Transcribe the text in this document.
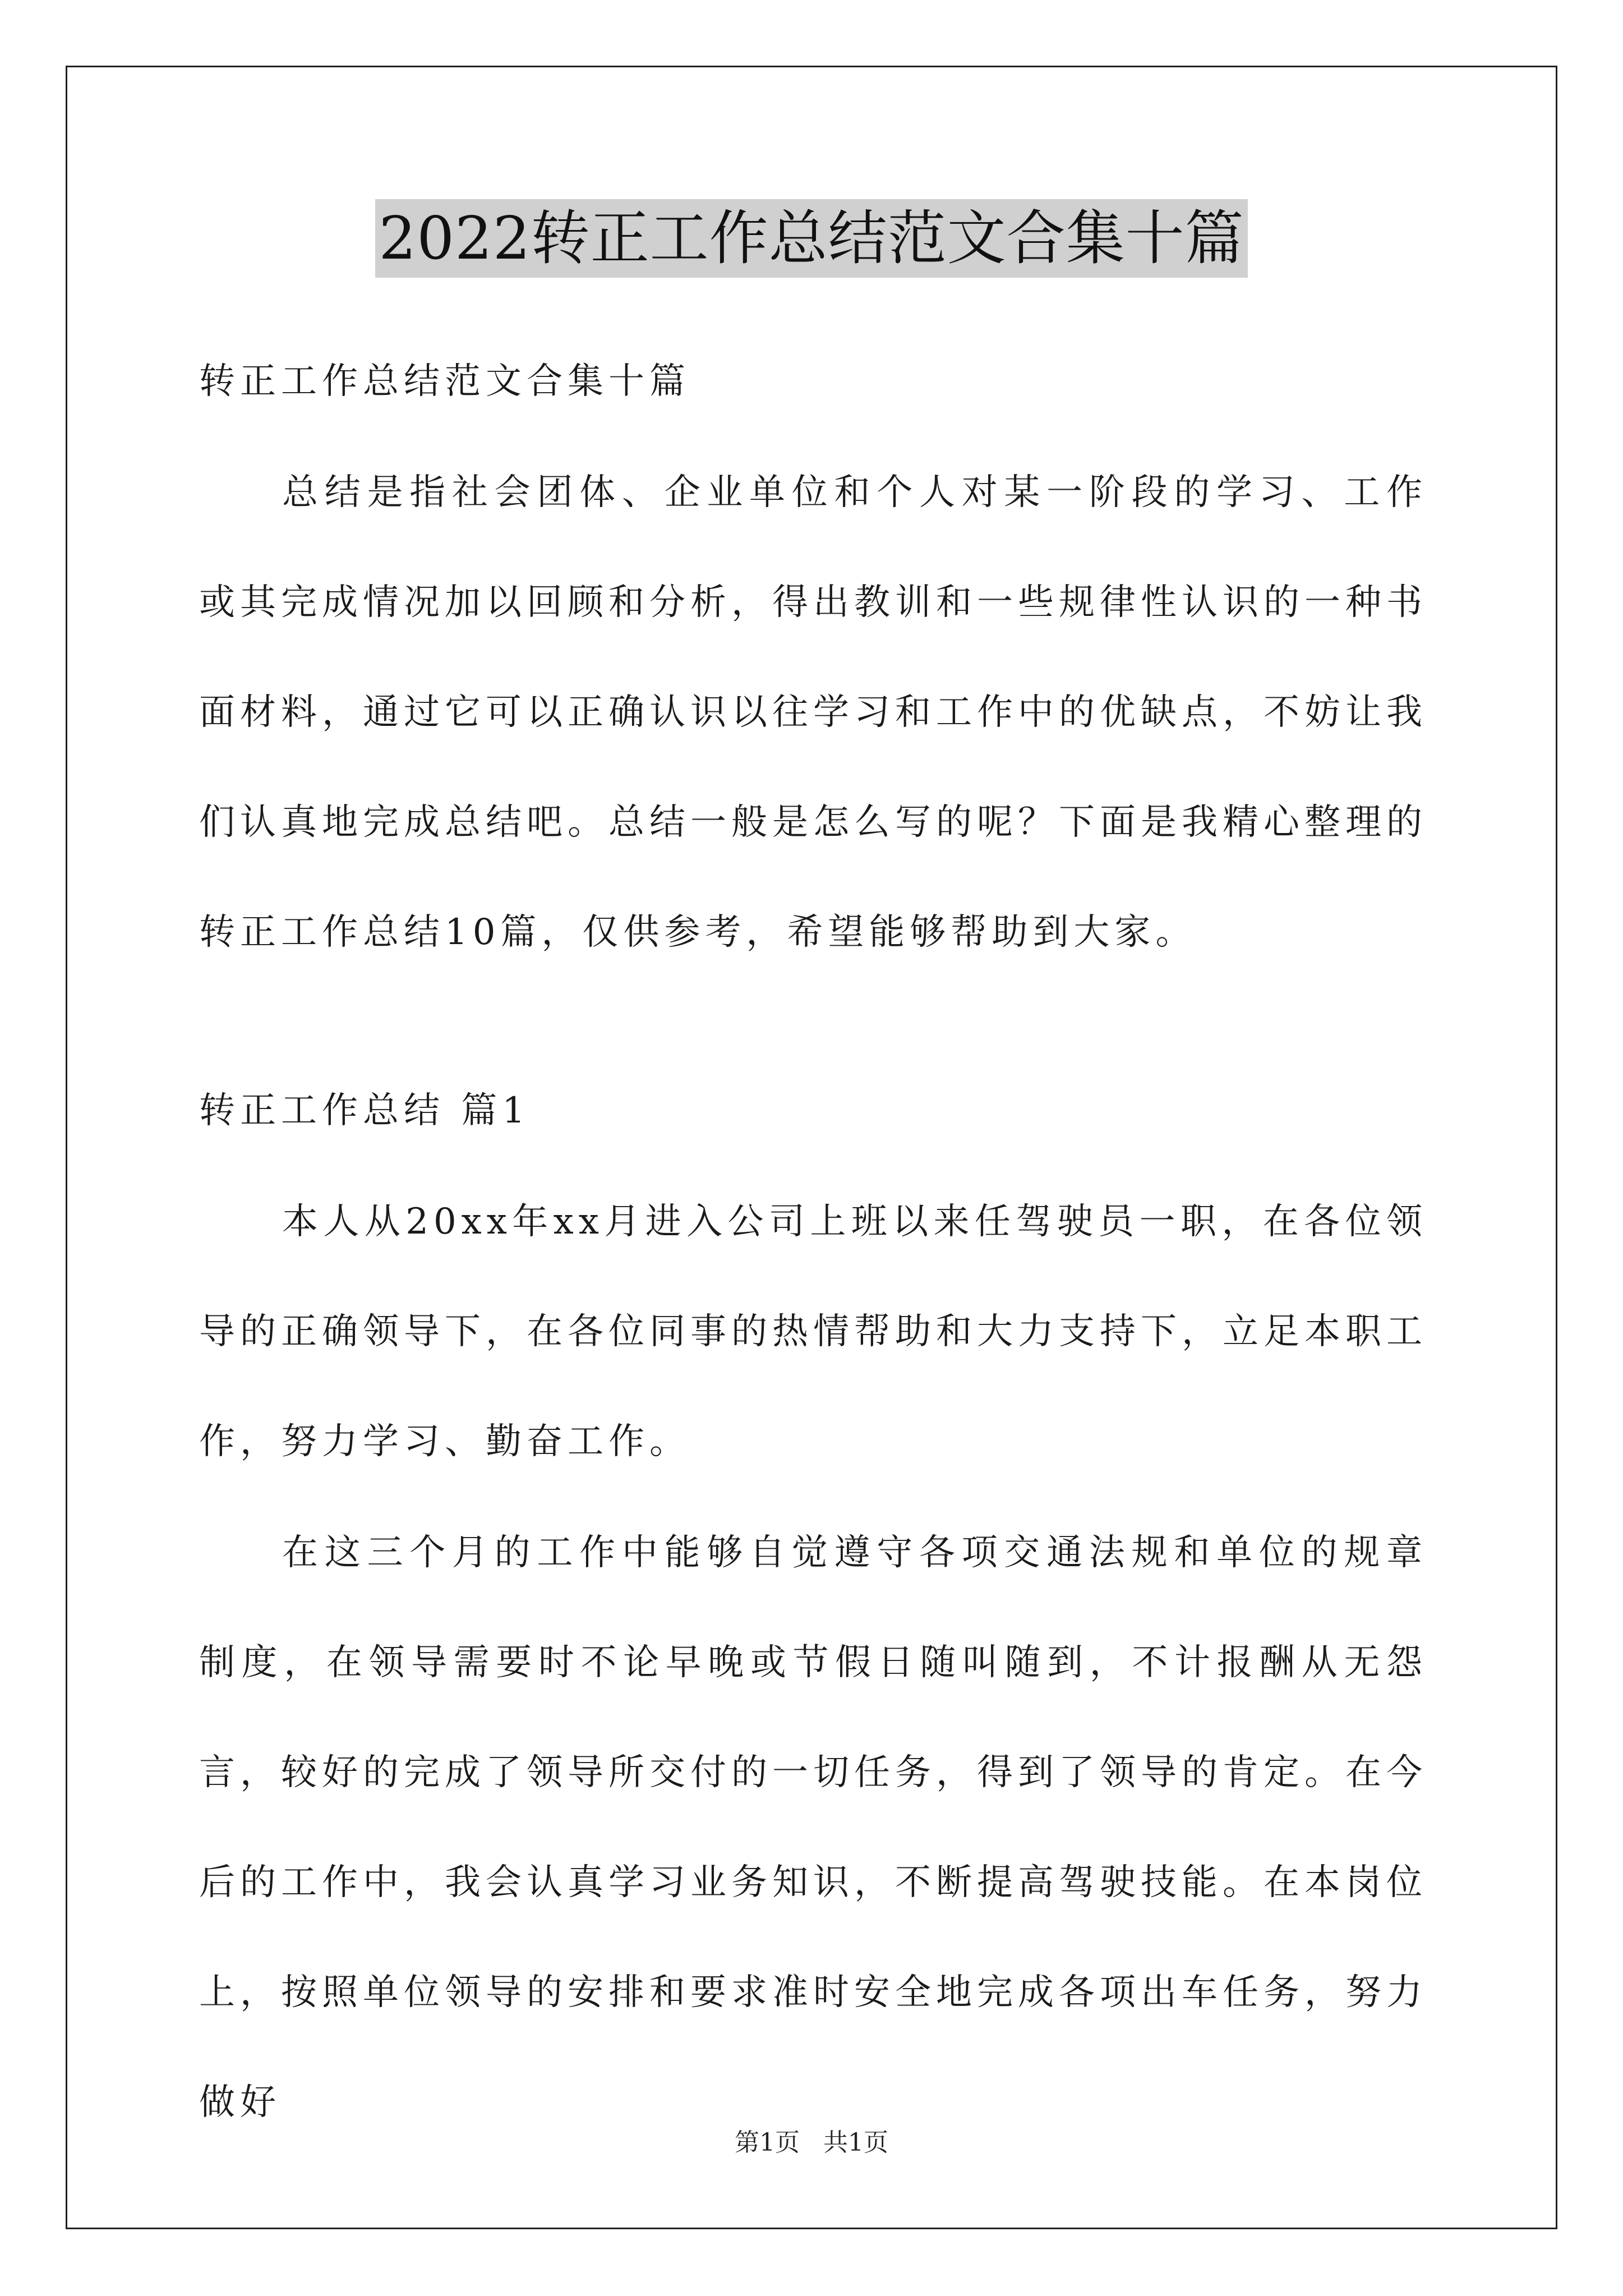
2022转正工作总结范文合集十篇
转正工作总结范文合集十篇
总结是指社会团体、企业单位和个人对某一阶段的学习、工作或其完成情况加以回顾和分析，得出教训和一些规律性认识的一种书面材料，通过它可以正确认识以往学习和工作中的优缺点，不妨让我们认真地完成总结吧。总结一般是怎么写的呢？下面是我精心整理的转正工作总结10篇，仅供参考，希望能够帮助到大家。
转正工作总结 篇1
本人从20xx年xx月进入公司上班以来任驾驶员一职，在各位领导的正确领导下，在各位同事的热情帮助和大力支持下，立足本职工作，努力学习、勤奋工作。
在这三个月的工作中能够自觉遵守各项交通法规和单位的规章制度，在领导需要时不论早晚或节假日随叫随到，不计报酬从无怨言，较好的完成了领导所交付的一切任务，得到了领导的肯定。在今后的工作中，我会认真学习业务知识，不断提高驾驶技能。在本岗位上，按照单位领导的安排和要求准时安全地完成各项出车任务，努力做好
第1页 共1页
